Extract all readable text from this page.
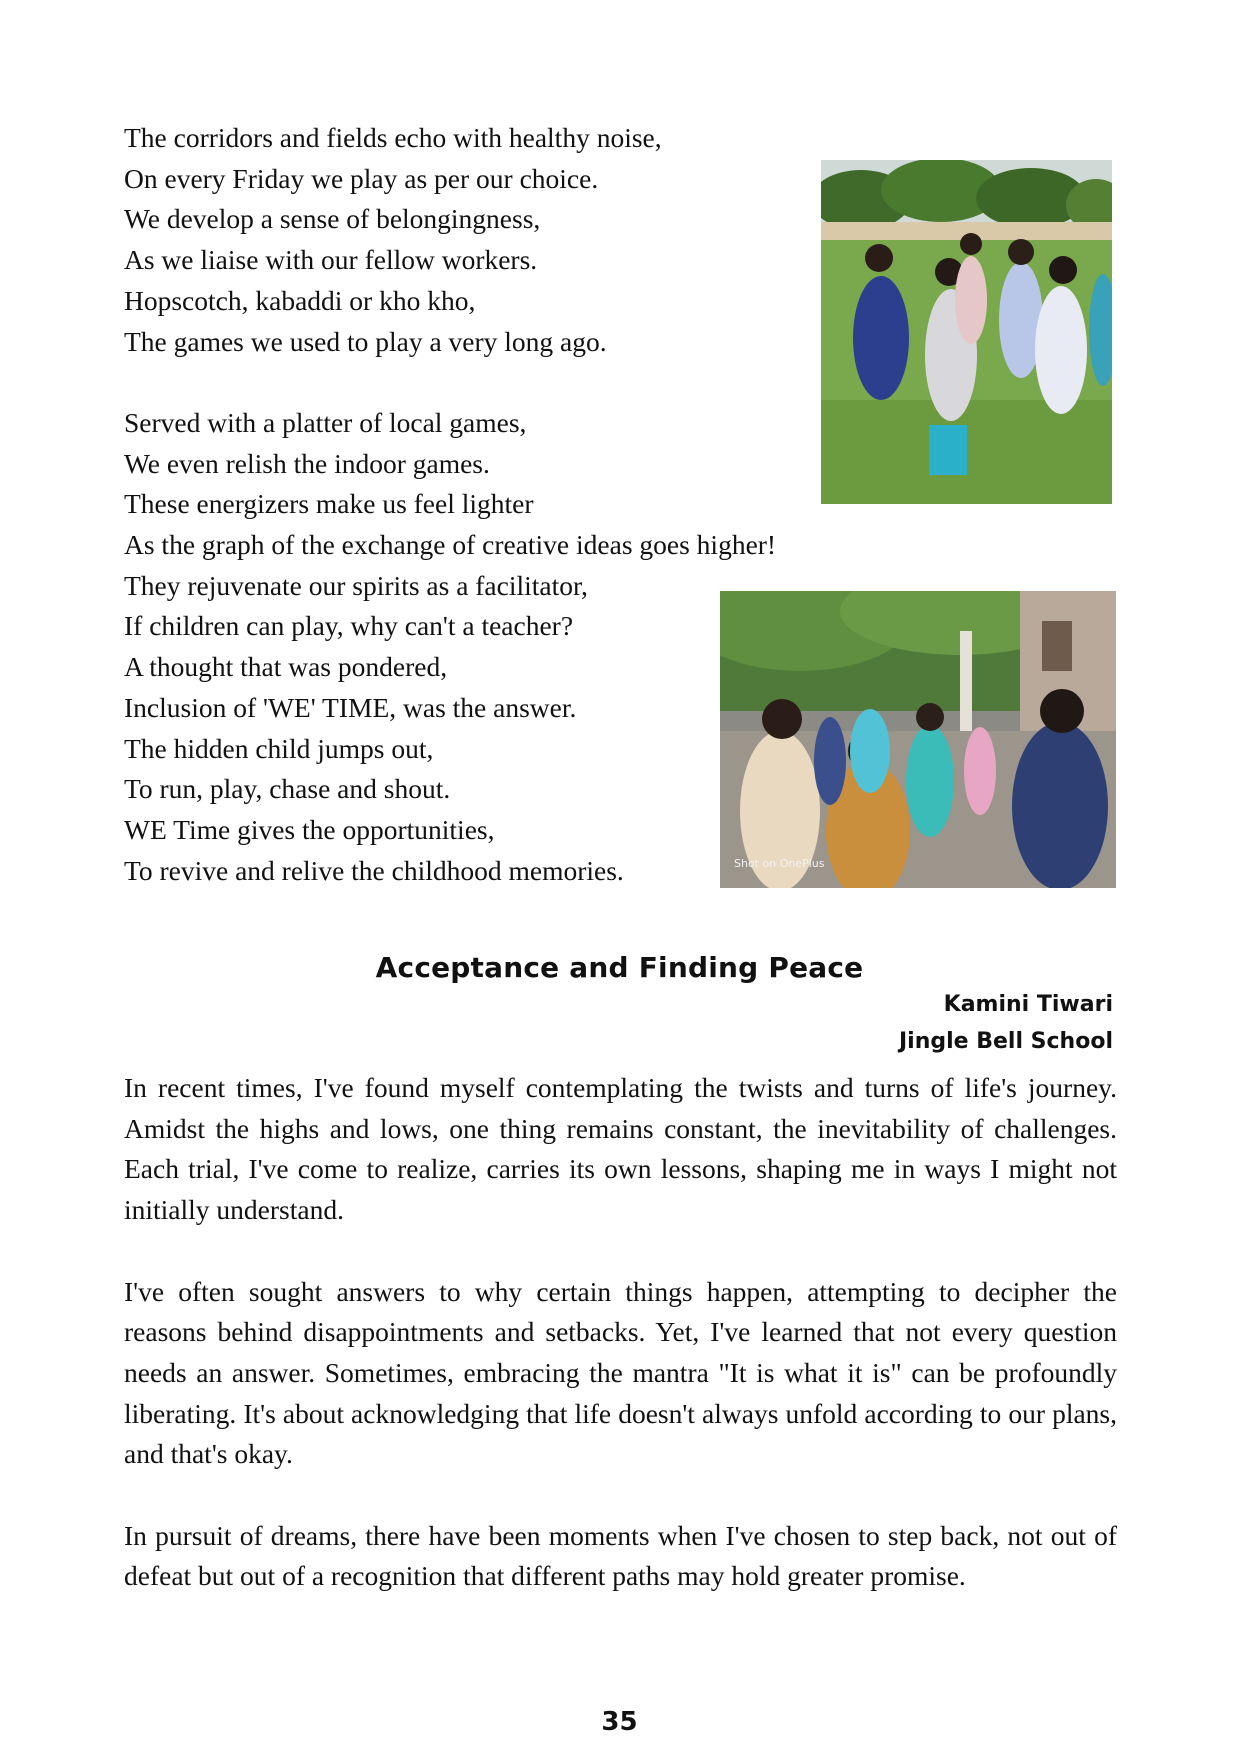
The corridors and fields echo with healthy noise,
On every Friday we play as per our choice.
We develop a sense of belongingness,
As we liaise with our fellow workers.
Hopscotch, kabaddi or kho kho,
The games we used to play a very long ago.
Served with a platter of local games,
We even relish the indoor games.
These energizers make us feel lighter
As the graph of the exchange of creative ideas goes higher!
They rejuvenate our spirits as a facilitator,
If children can play, why can't a teacher?
A thought that was pondered,
Inclusion of 'WE' TIME, was the answer.
The hidden child jumps out,
To run, play, chase and shout.
WE Time gives the opportunities,
To revive and relive the childhood memories.	Shot on OnePlus
Acceptance and Finding Peace
Kamini Tiwari
Jingle Bell School

In recent times, I've found myself contemplating the twists and turns of life's journey. Amidst the highs and lows, one thing remains constant, the inevitability of challenges. Each trial, I've come to realize, carries its own lessons, shaping me in ways I might not initially understand.

I've often sought answers to why certain things happen, attempting to decipher the reasons behind disappointments and setbacks. Yet, I've learned that not every question needs an answer. Sometimes, embracing the mantra "It is what it is" can be profoundly liberating. It's about acknowledging that life doesn't always unfold according to our plans, and that's okay.

In pursuit of dreams, there have been moments when I've chosen to step back, not out of defeat but out of a recognition that different paths may hold greater promise.

35
